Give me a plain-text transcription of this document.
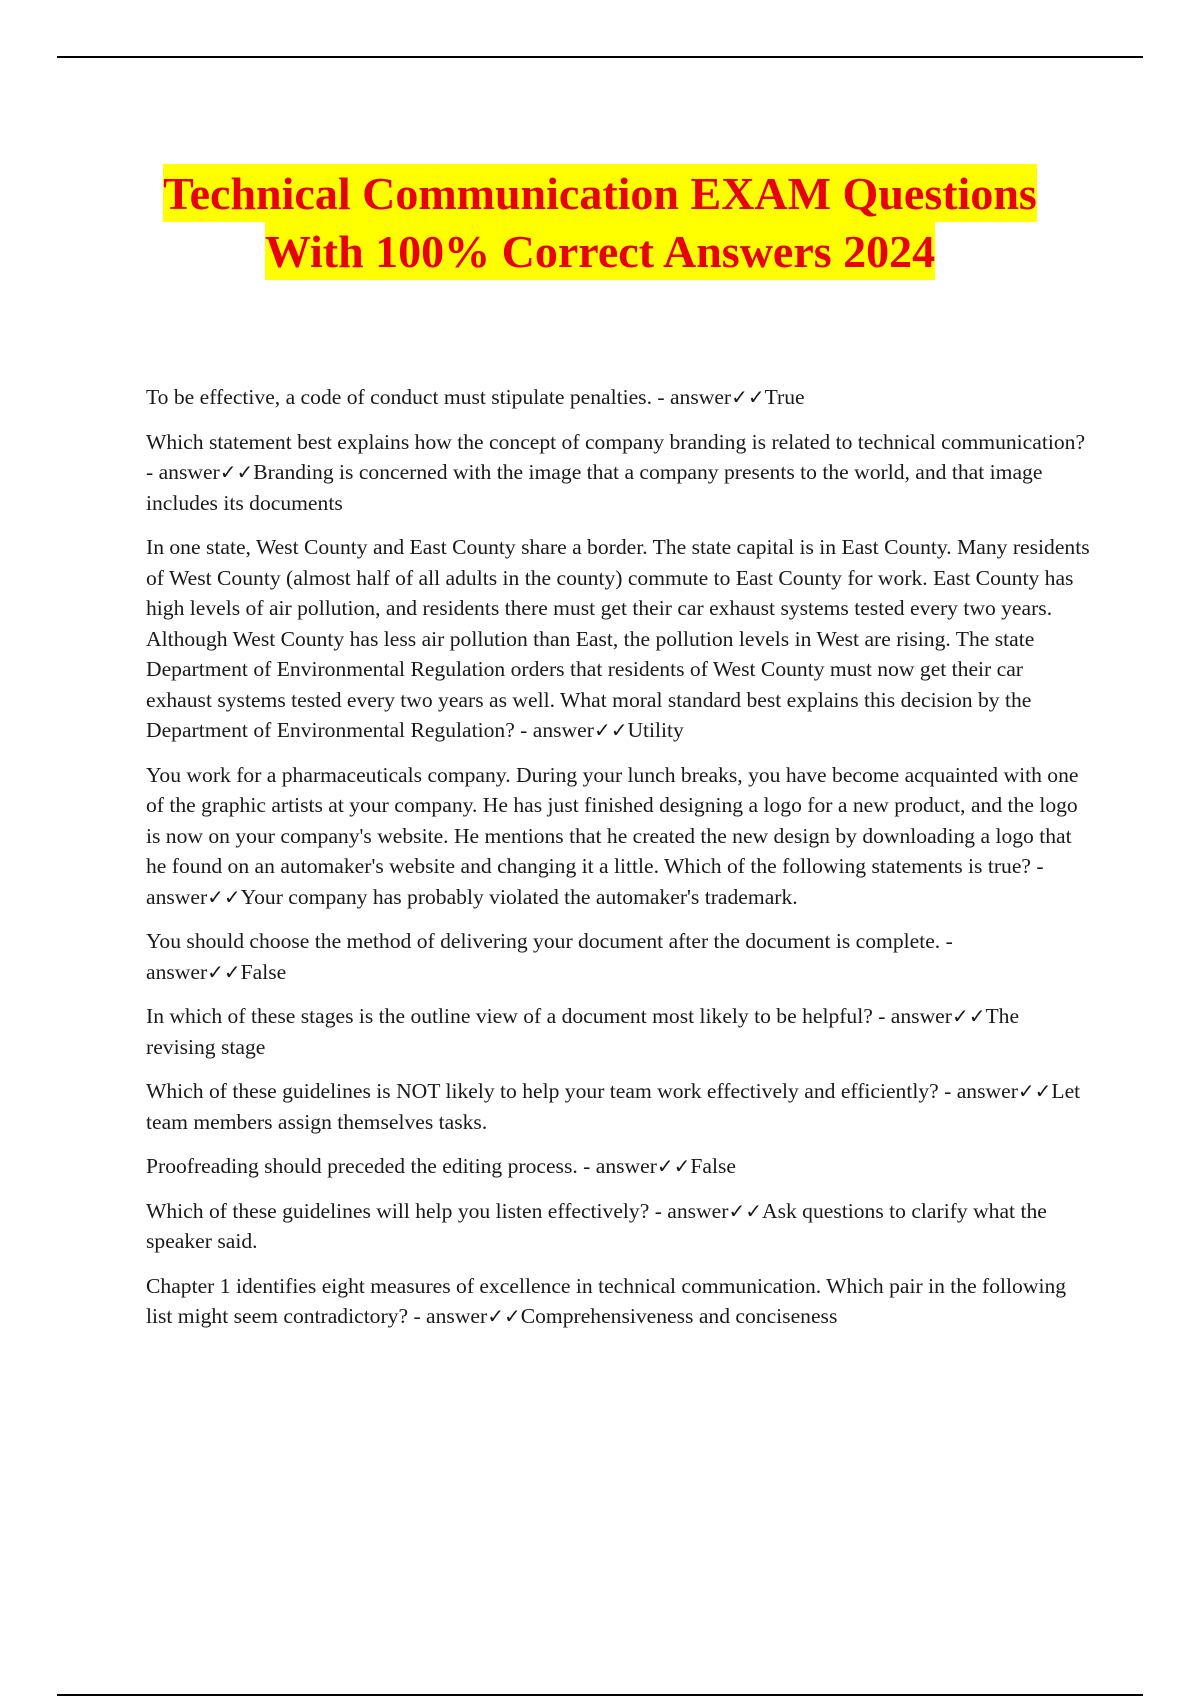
Technical Communication EXAM Questions
With 100% Correct Answers 2024

To be effective, a code of conduct must stipulate penalties. - answer✓✓True

Which statement best explains how the concept of company branding is related to technical communication? - answer✓✓Branding is concerned with the image that a company presents to the world, and that image includes its documents

In one state, West County and East County share a border. The state capital is in East County. Many residents of West County (almost half of all adults in the county) commute to East County for work. East County has high levels of air pollution, and residents there must get their car exhaust systems tested every two years. Although West County has less air pollution than East, the pollution levels in West are rising. The state Department of Environmental Regulation orders that residents of West County must now get their car exhaust systems tested every two years as well. What moral standard best explains this decision by the Department of Environmental Regulation? - answer✓✓Utility

You work for a pharmaceuticals company. During your lunch breaks, you have become acquainted with one of the graphic artists at your company. He has just finished designing a logo for a new product, and the logo is now on your company's website. He mentions that he created the new design by downloading a logo that he found on an automaker's website and changing it a little. Which of the following statements is true? - answer✓✓Your company has probably violated the automaker's trademark.

You should choose the method of delivering your document after the document is complete. - answer✓✓False

In which of these stages is the outline view of a document most likely to be helpful? - answer✓✓The revising stage

Which of these guidelines is NOT likely to help your team work effectively and efficiently? - answer✓✓Let team members assign themselves tasks.

Proofreading should preceded the editing process. - answer✓✓False

Which of these guidelines will help you listen effectively? - answer✓✓Ask questions to clarify what the speaker said.

Chapter 1 identifies eight measures of excellence in technical communication. Which pair in the following list might seem contradictory? - answer✓✓Comprehensiveness and conciseness
